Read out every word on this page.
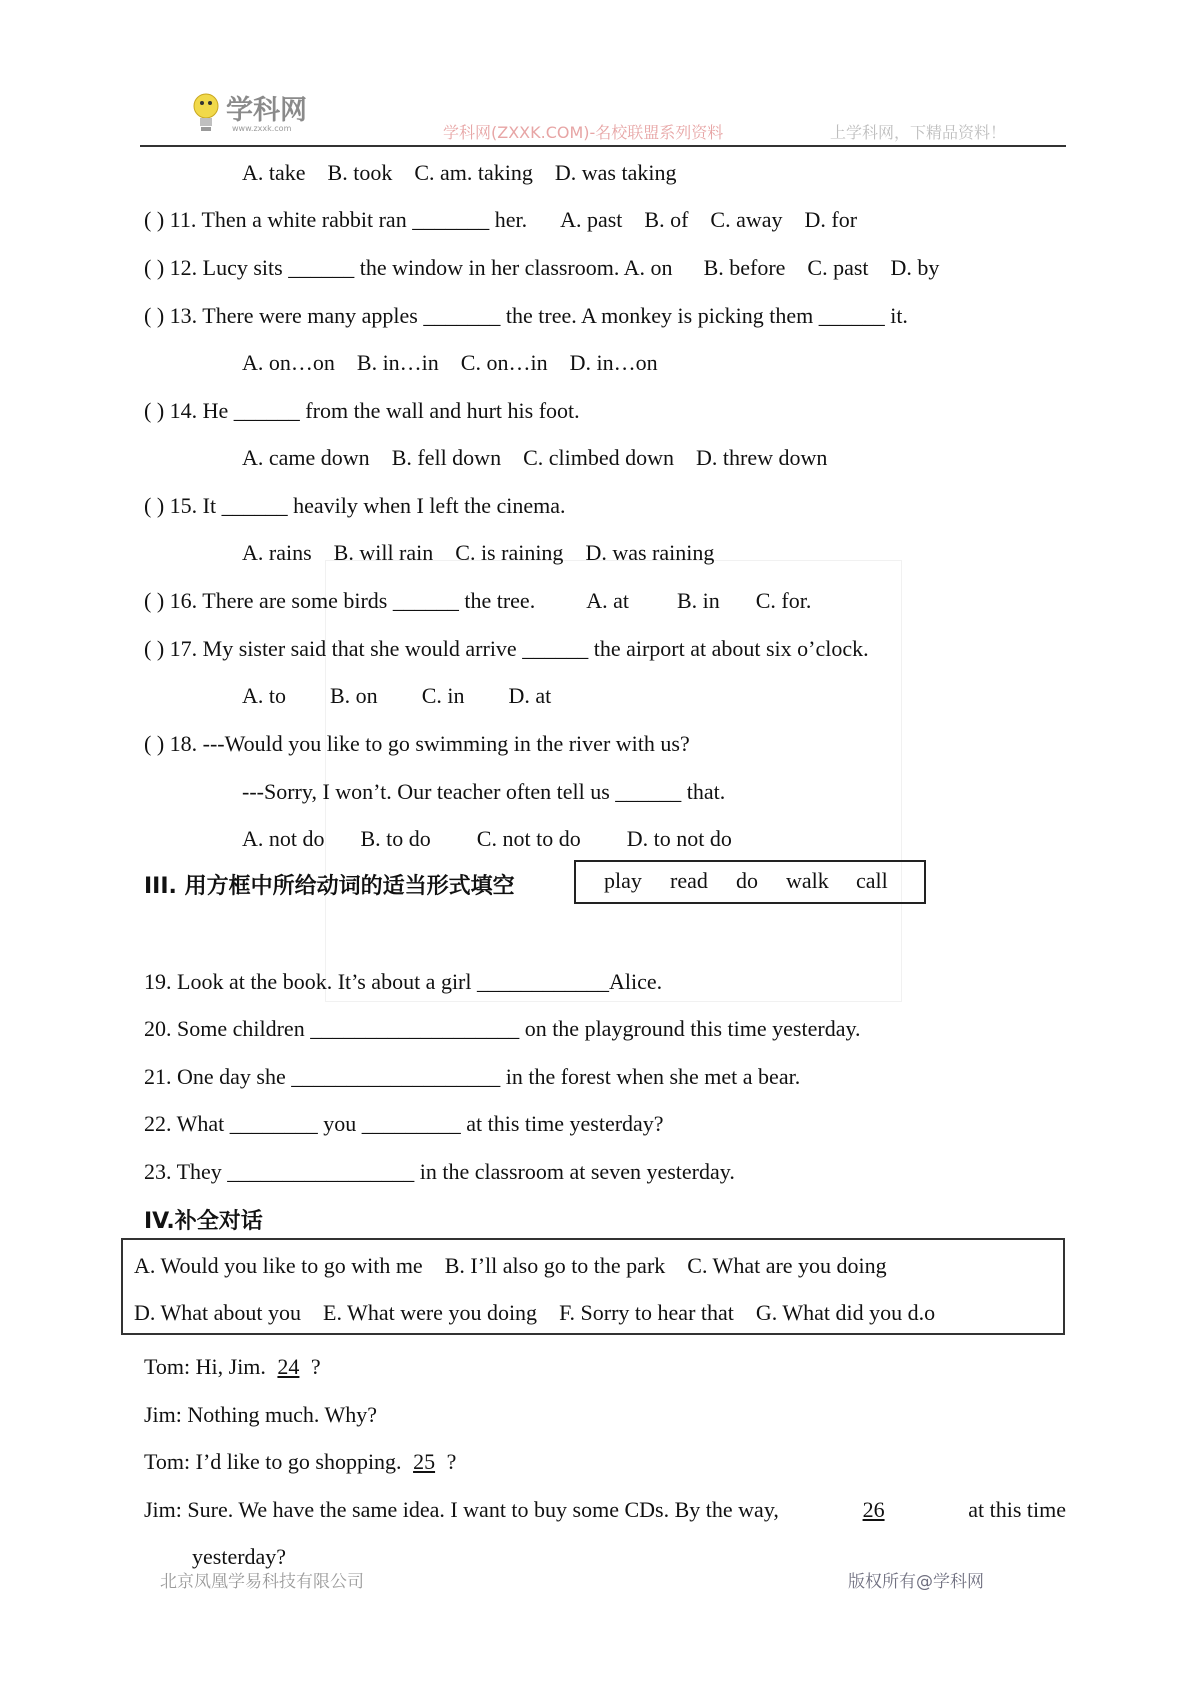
学科网
www.zxxk.com	学科网(ZXXK.COM)-名校联盟系列资料	上学科网，下精品资料！
A. take B. took C. am. taking D. was taking
( ) 11. Then a white rabbit ran _______ her. A. past B. of C. away D. for
( ) 12. Lucy sits ______ the window in her classroom. A. on B. before C. past D. by
( ) 13. There were many apples _______ the tree. A monkey is picking them ______ it.
A. on…on B. in…in C. on…in D. in…on
( ) 14. He ______ from the wall and hurt his foot.
A. came down B. fell down C. climbed down D. threw down
( ) 15. It ______ heavily when I left the cinema.
A. rains B. will rain C. is raining D. was raining
( ) 16. There are some birds ______ the tree. A. at B. in C. for.
( ) 17. My sister said that she would arrive ______ the airport at about six o’clock.
A. to B. on C. in D. at
( ) 18. ---Would you like to go swimming in the river with us?
---Sorry, I won’t. Our teacher often tell us ______ that.
A. not do B. to do C. not to do D. to not do
III. 用方框中所给动词的适当形式填空	play read do walk call
19. Look at the book. It’s about a girl ____________Alice.
20. Some children ___________________ on the playground this time yesterday.
21. One day she ___________________ in the forest when she met a bear.
22. What ________ you _________ at this time yesterday?
23. They _________________ in the classroom at seven yesterday.
IV.补全对话
A. Would you like to go with me B. I’ll also go to the park C. What are you doing
D. What about you E. What were you doing F. Sorry to hear that G. What did you d.o
Tom: Hi, Jim. 24 ?
Jim: Nothing much. Why?
Tom: I’d like to go shopping. 25 ?
Jim: Sure. We have the same idea. I want to buy some CDs. By the way,	26	at this time
yesterday?
北京凤凰学易科技有限公司	版权所有@学科网
